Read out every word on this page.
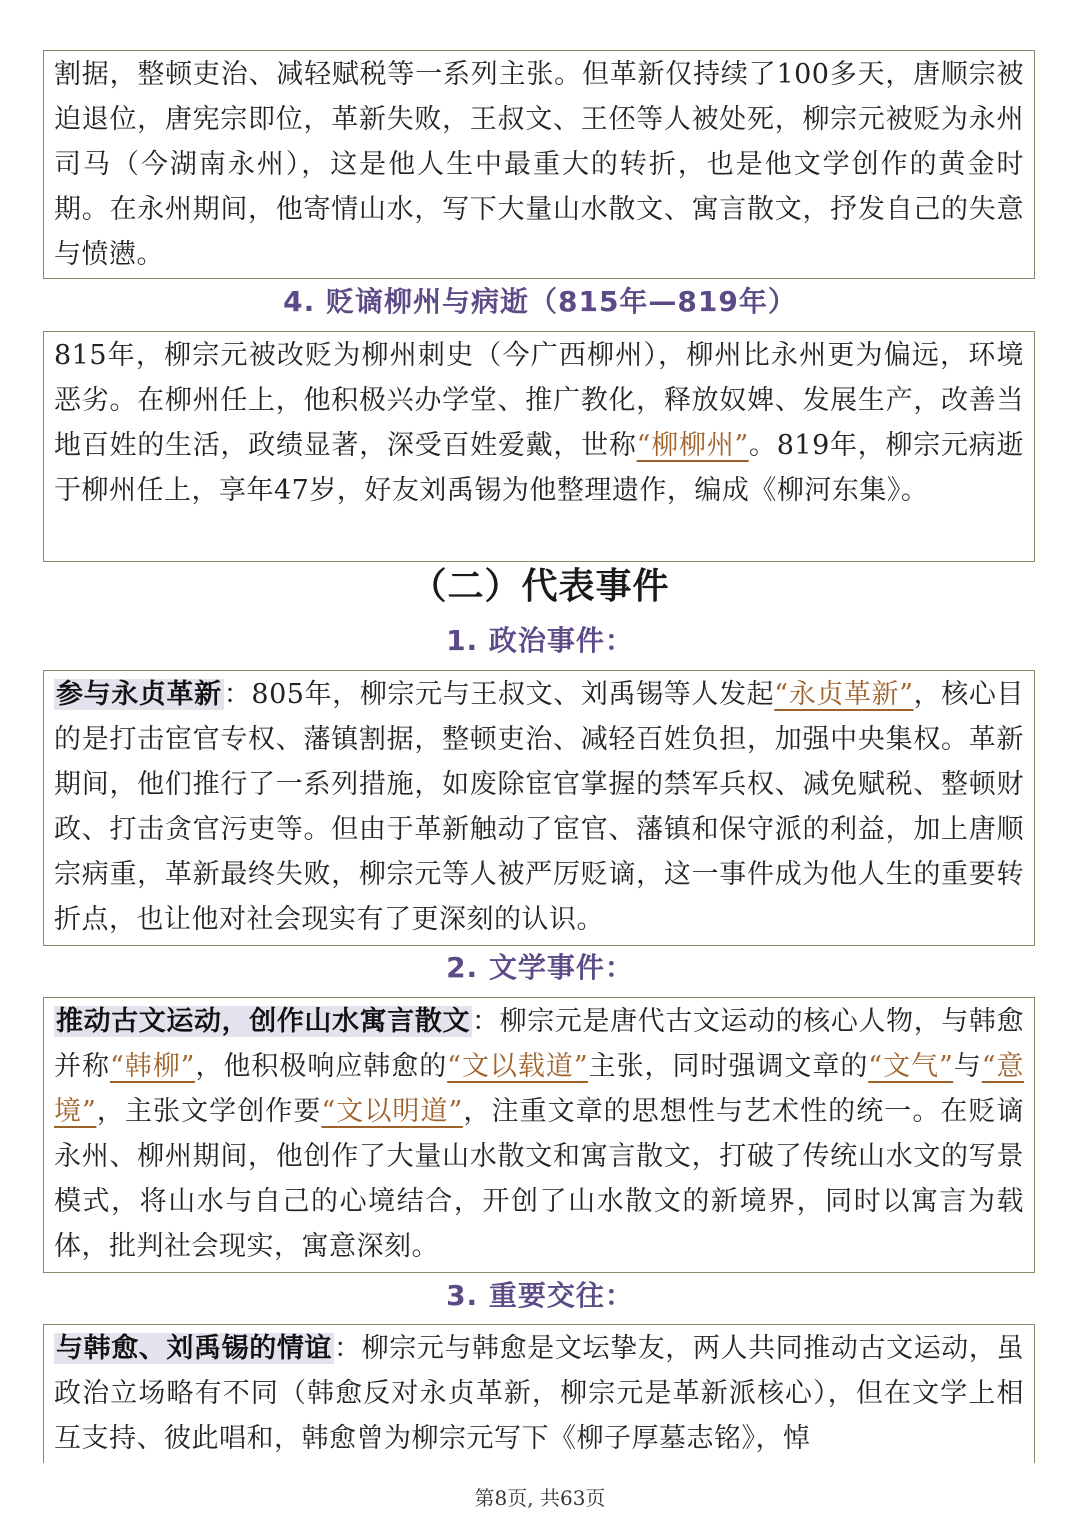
割据，整顿吏治、减轻赋税等一系列主张。但革新仅持续了100多天，唐顺宗被迫退位，唐宪宗即位，革新失败，王叔文、王伾等人被处死，柳宗元被贬为永州司马（今湖南永州），这是他人生中最重大的转折，也是他文学创作的黄金时期。在永州期间，他寄情山水，写下大量山水散文、寓言散文，抒发自己的失意与愤懑。

4. 贬谪柳州与病逝（815年—819年）

815年，柳宗元被改贬为柳州刺史（今广西柳州），柳州比永州更为偏远，环境恶劣。在柳州任上，他积极兴办学堂、推广教化，释放奴婢、发展生产，改善当地百姓的生活，政绩显著，深受百姓爱戴，世称“柳柳州”。819年，柳宗元病逝于柳州任上，享年47岁，好友刘禹锡为他整理遗作，编成《柳河东集》。

（二）代表事件
1. 政治事件：

参与永贞革新：805年，柳宗元与王叔文、刘禹锡等人发起“永贞革新”，核心目的是打击宦官专权、藩镇割据，整顿吏治、减轻百姓负担，加强中央集权。革新期间，他们推行了一系列措施，如废除宦官掌握的禁军兵权、减免赋税、整顿财政、打击贪官污吏等。但由于革新触动了宦官、藩镇和保守派的利益，加上唐顺宗病重，革新最终失败，柳宗元等人被严厉贬谪，这一事件成为他人生的重要转折点，也让他对社会现实有了更深刻的认识。

2. 文学事件：

推动古文运动，创作山水寓言散文：柳宗元是唐代古文运动的核心人物，与韩愈并称“韩柳”，他积极响应韩愈的“文以载道”主张，同时强调文章的“文气”与“意境”，主张文学创作要“文以明道”，注重文章的思想性与艺术性的统一。在贬谪永州、柳州期间，他创作了大量山水散文和寓言散文，打破了传统山水文的写景模式，将山水与自己的心境结合，开创了山水散文的新境界，同时以寓言为载体，批判社会现实，寓意深刻。

3. 重要交往：

与韩愈、刘禹锡的情谊：柳宗元与韩愈是文坛挚友，两人共同推动古文运动，虽政治立场略有不同（韩愈反对永贞革新，柳宗元是革新派核心），但在文学上相互支持、彼此唱和，韩愈曾为柳宗元写下《柳子厚墓志铭》，悼

第8页, 共63页
